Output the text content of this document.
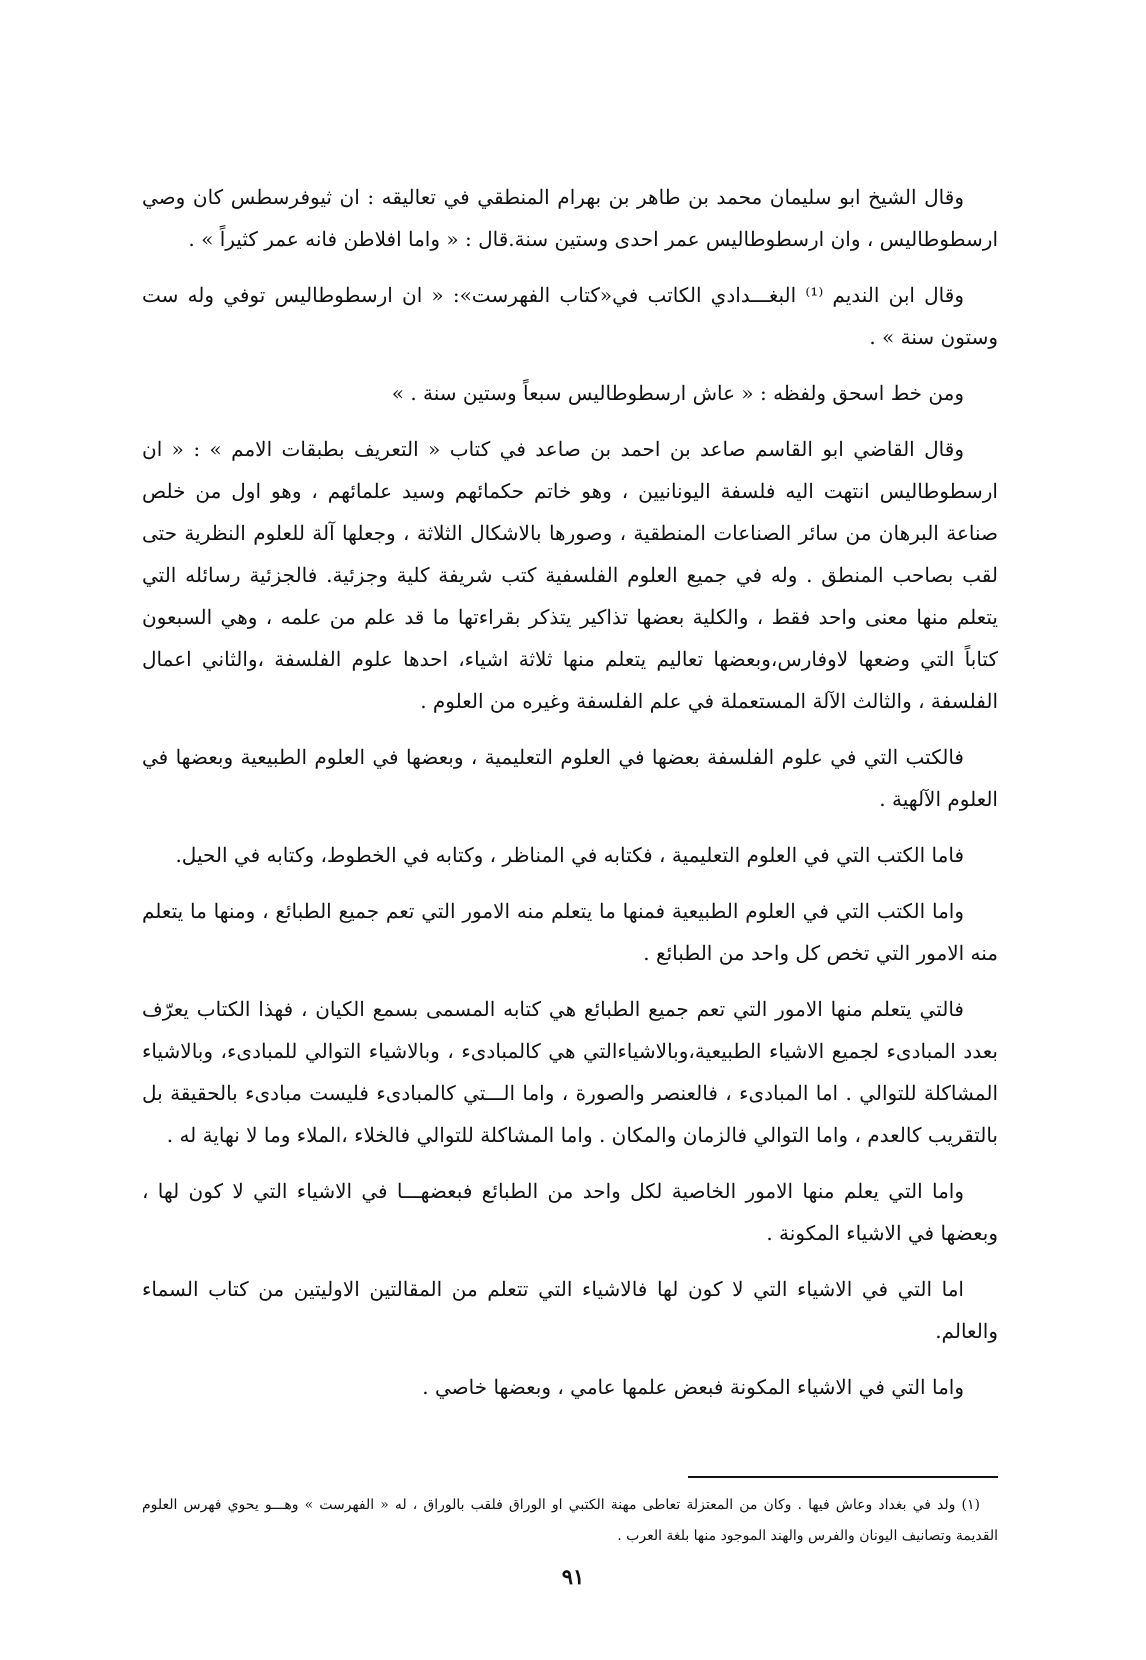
وقال الشيخ ابو سليمان محمد بن طاهر بن بهرام المنطقي في تعاليقه : ان ثيوفرسطس كان وصي ارسطوطاليس ، وان ارسطوطاليس عمر احدى وستين سنة.قال : « واما افلاطن فانه عمر كثيراً » .

وقال ابن النديم ⁽¹⁾ البغـــدادي الكاتب في«كتاب الفهرست»: « ان ارسطوطاليس توفي وله ست وستون سنة » .

ومن خط اسحق ولفظه : « عاش ارسطوطاليس سبعاً وستين سنة . »

وقال القاضي ابو القاسم صاعد بن احمد بن صاعد في كتاب « التعريف بطبقات الامم » : « ان ارسطوطاليس انتهت اليه فلسفة اليونانيين ، وهو خاتم حكمائهم وسيد علمائهم ، وهو اول من خلص صناعة البرهان من سائر الصناعات المنطقية ، وصورها بالاشكال الثلاثة ، وجعلها آلة للعلوم النظرية حتى لقب بصاحب المنطق . وله في جميع العلوم الفلسفية كتب شريفة كلية وجزئية. فالجزئية رسائله التي يتعلم منها معنى واحد فقط ، والكلية بعضها تذاكير يتذكر بقراءتها ما قد علم من علمه ، وهي السبعون كتاباً التي وضعها لاوفارس،وبعضها تعاليم يتعلم منها ثلاثة اشياء، احدها علوم الفلسفة ،والثاني اعمال الفلسفة ، والثالث الآلة المستعملة في علم الفلسفة وغيره من العلوم .

فالكتب التي في علوم الفلسفة بعضها في العلوم التعليمية ، وبعضها في العلوم الطبيعية وبعضها في العلوم الآلهية .

فاما الكتب التي في العلوم التعليمية ، فكتابه في المناظر ، وكتابه في الخطوط، وكتابه في الحيل.

واما الكتب التي في العلوم الطبيعية فمنها ما يتعلم منه الامور التي تعم جميع الطبائع ، ومنها ما يتعلم منه الامور التي تخص كل واحد من الطبائع .

فالتي يتعلم منها الامور التي تعم جميع الطبائع هي كتابه المسمى بسمع الكيان ، فهذا الكتاب يعرّف بعدد المبادىء لجميع الاشياء الطبيعية،وبالاشياءالتي هي كالمبادىء ، وبالاشياء التوالي للمبادىء، وبالاشياء المشاكلة للتوالي . اما المبادىء ، فالعنصر والصورة ، واما الـــتي كالمبادىء فليست مبادىء بالحقيقة بل بالتقريب كالعدم ، واما التوالي فالزمان والمكان . واما المشاكلة للتوالي فالخلاء ،الملاء وما لا نهاية له .

واما التي يعلم منها الامور الخاصية لكل واحد من الطبائع فبعضهـــا في الاشياء التي لا كون لها ، وبعضها في الاشياء المكونة .

اما التي في الاشياء التي لا كون لها فالاشياء التي تتعلم من المقالتين الاوليتين من كتاب السماء والعالم.

واما التي في الاشياء المكونة فبعض علمها عامي ، وبعضها خاصي .

(١) ولد في بغداد وعاش فيها . وكان من المعتزلة تعاطى مهنة الكتبي او الوراق فلقب بالوراق ، له « الفهرست » وهـــو يحوي فهرس العلوم القديمة وتصانيف اليونان والفرس والهند الموجود منها بلغة العرب .

٩١
